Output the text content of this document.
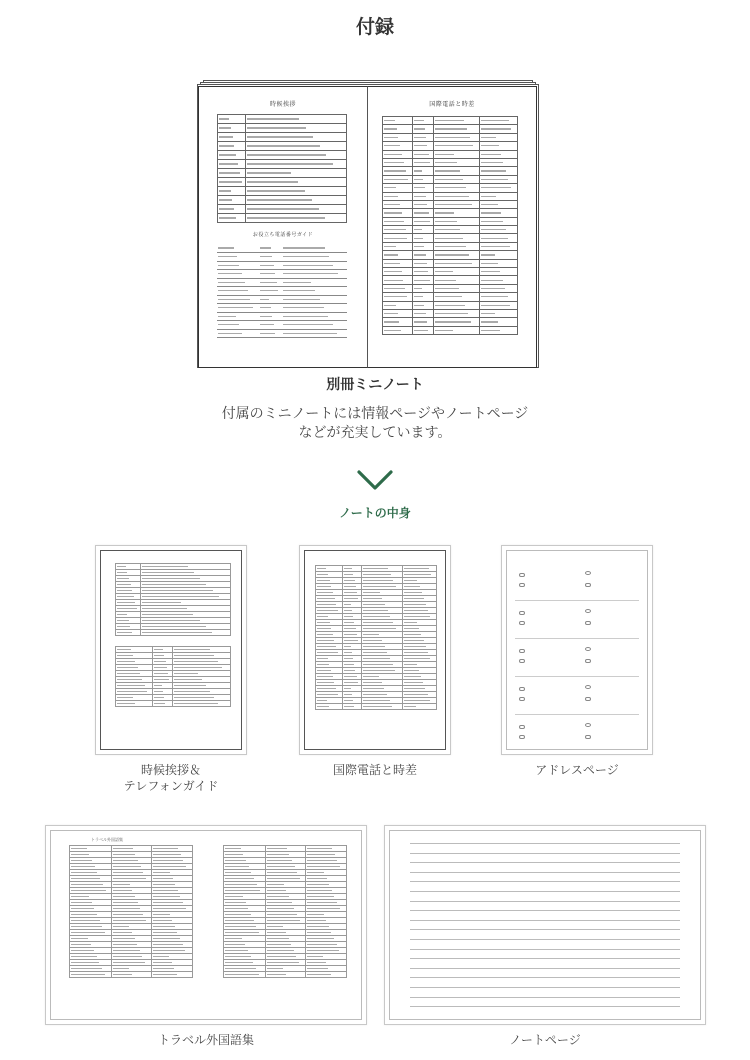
付録
時候挨拶

お役立ち電話番号ガイド

国際電話と時差

別冊ミニノート
付属のミニノートには情報ページやノートページ
などが充実しています。
ノートの中身

時候挨拶＆
テレフォンガイド

国際電話と時差	アドレスページ
トラベル外国語集

トラベル外国語集	ノートページ
